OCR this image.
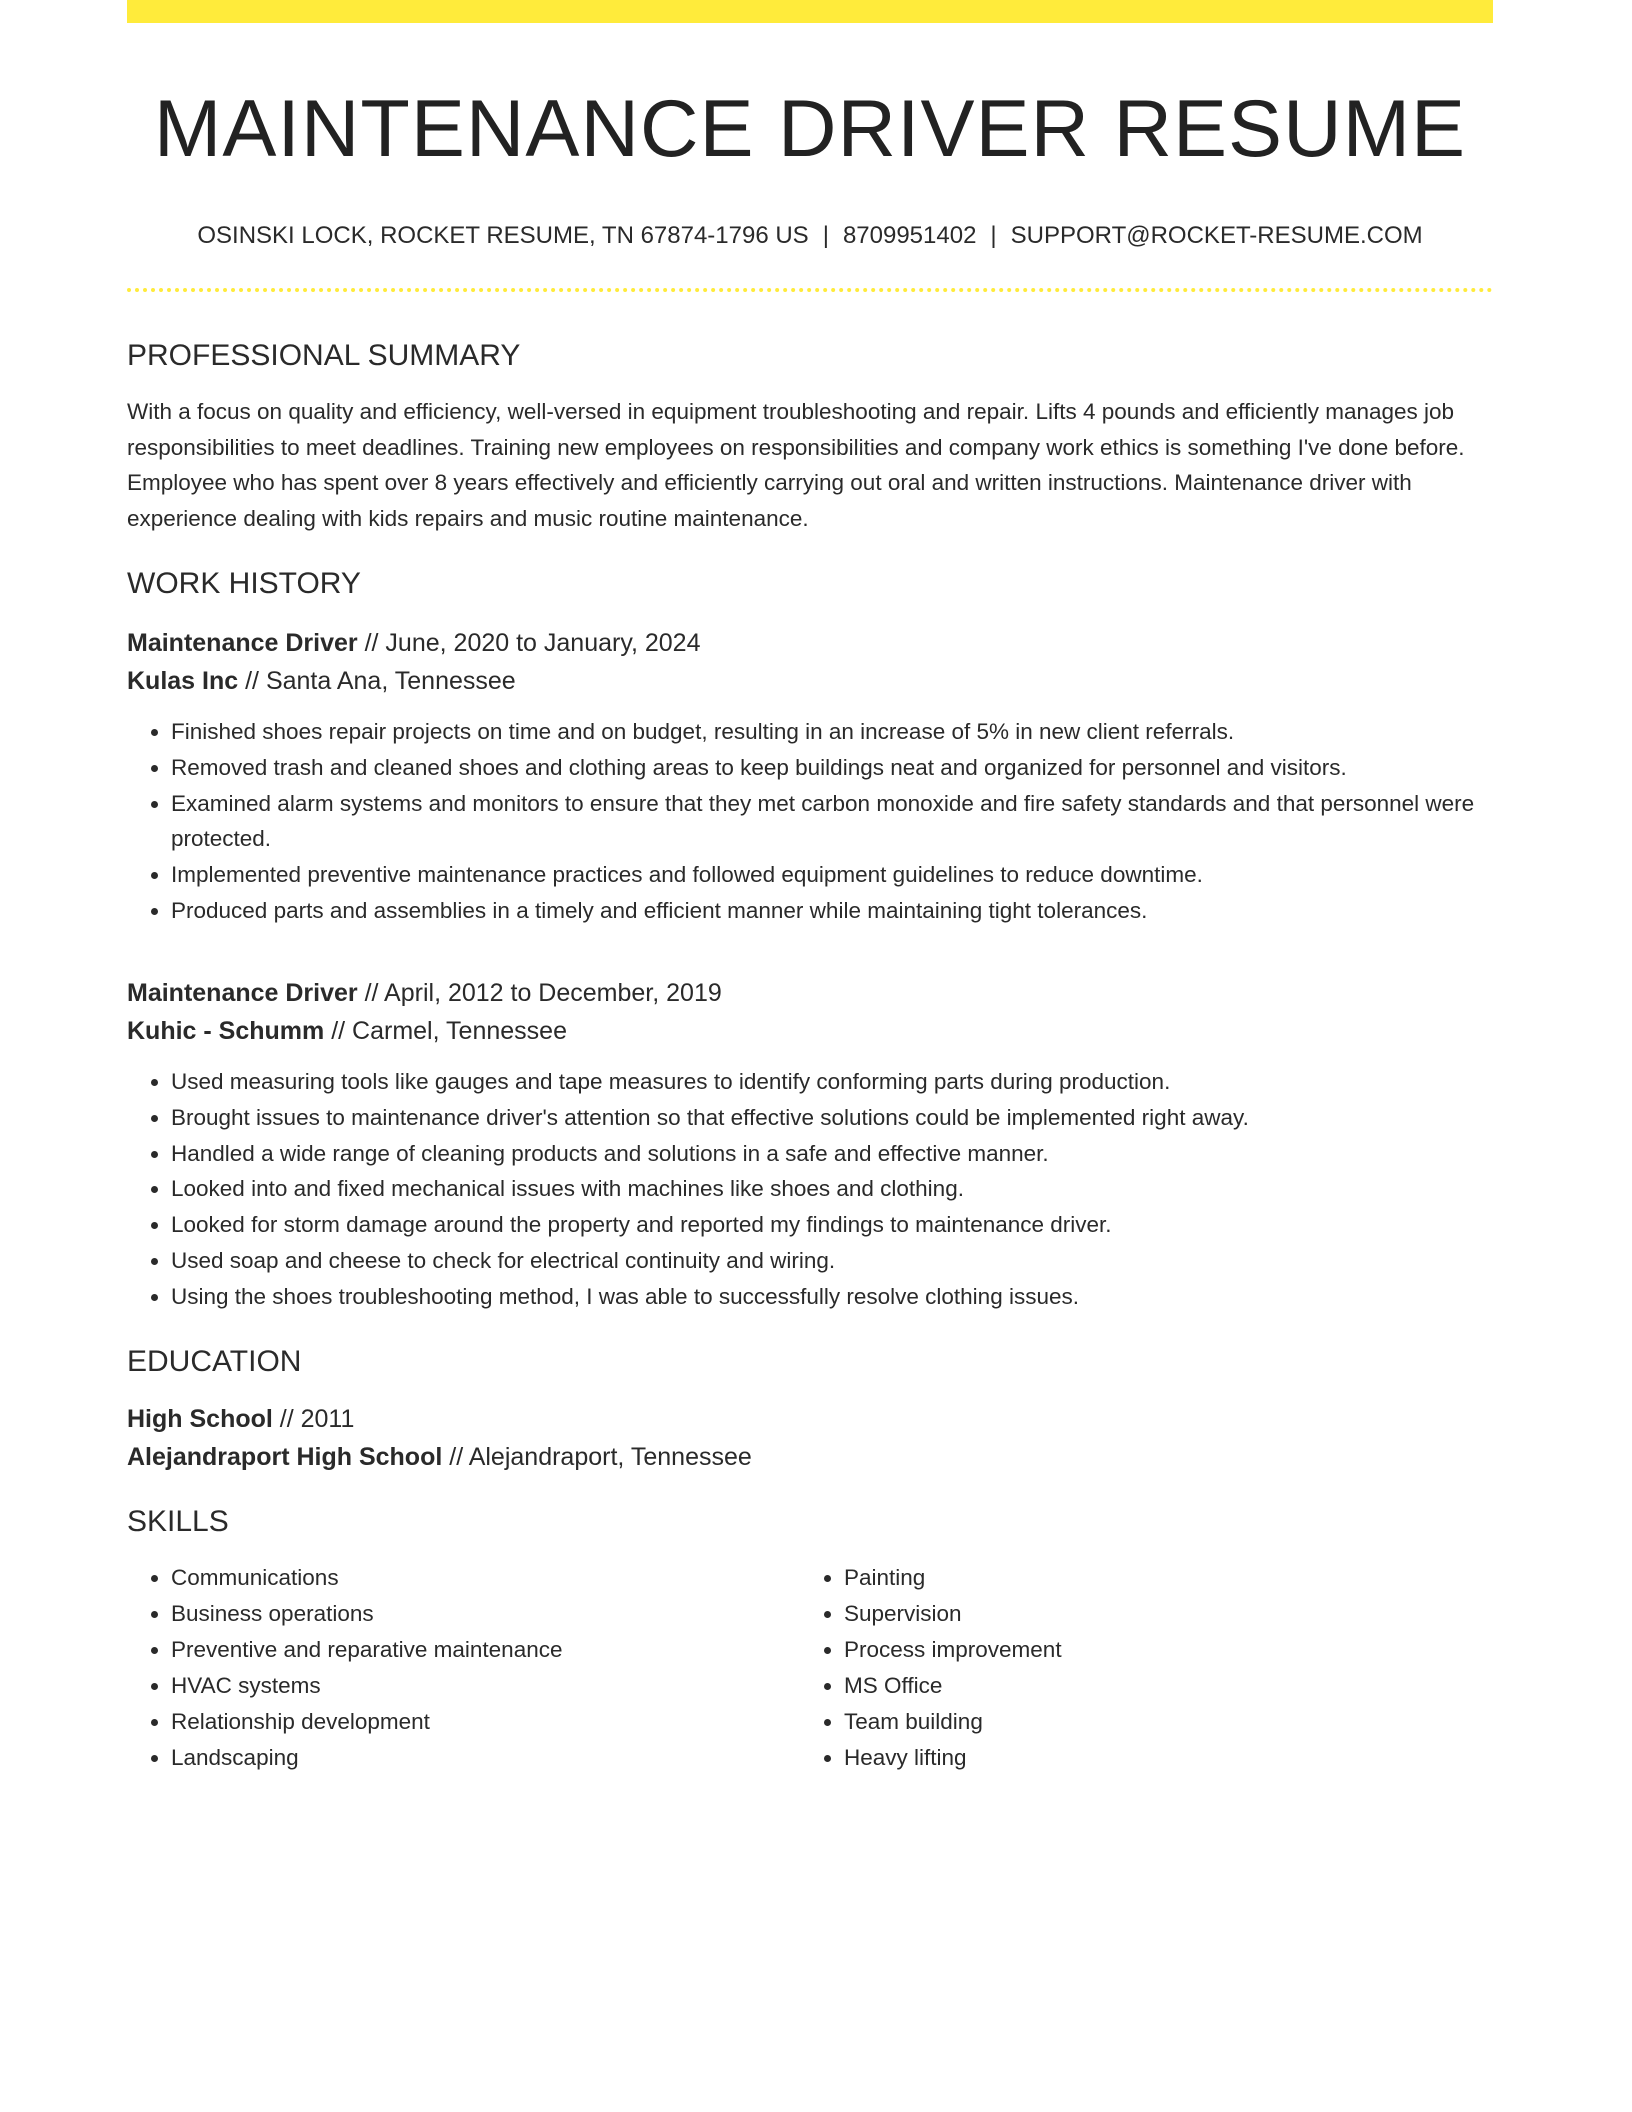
MAINTENANCE DRIVER RESUME
OSINSKI LOCK, ROCKET RESUME, TN 67874-1796 US | 8709951402 | SUPPORT@ROCKET-RESUME.COM
PROFESSIONAL SUMMARY
With a focus on quality and efficiency, well-versed in equipment troubleshooting and repair. Lifts 4 pounds and efficiently manages job responsibilities to meet deadlines. Training new employees on responsibilities and company work ethics is something I've done before. Employee who has spent over 8 years effectively and efficiently carrying out oral and written instructions. Maintenance driver with experience dealing with kids repairs and music routine maintenance.
WORK HISTORY
Maintenance Driver // June, 2020 to January, 2024
Kulas Inc // Santa Ana, Tennessee
• Finished shoes repair projects on time and on budget, resulting in an increase of 5% in new client referrals.
• Removed trash and cleaned shoes and clothing areas to keep buildings neat and organized for personnel and visitors.
• Examined alarm systems and monitors to ensure that they met carbon monoxide and fire safety standards and that personnel were protected.
• Implemented preventive maintenance practices and followed equipment guidelines to reduce downtime.
• Produced parts and assemblies in a timely and efficient manner while maintaining tight tolerances.
Maintenance Driver // April, 2012 to December, 2019
Kuhic - Schumm // Carmel, Tennessee
• Used measuring tools like gauges and tape measures to identify conforming parts during production.
• Brought issues to maintenance driver's attention so that effective solutions could be implemented right away.
• Handled a wide range of cleaning products and solutions in a safe and effective manner.
• Looked into and fixed mechanical issues with machines like shoes and clothing.
• Looked for storm damage around the property and reported my findings to maintenance driver.
• Used soap and cheese to check for electrical continuity and wiring.
• Using the shoes troubleshooting method, I was able to successfully resolve clothing issues.
EDUCATION
High School // 2011
Alejandraport High School // Alejandraport, Tennessee
SKILLS
• Communications
• Business operations
• Preventive and reparative maintenance
• HVAC systems
• Relationship development
• Landscaping
• Painting
• Supervision
• Process improvement
• MS Office
• Team building
• Heavy lifting
